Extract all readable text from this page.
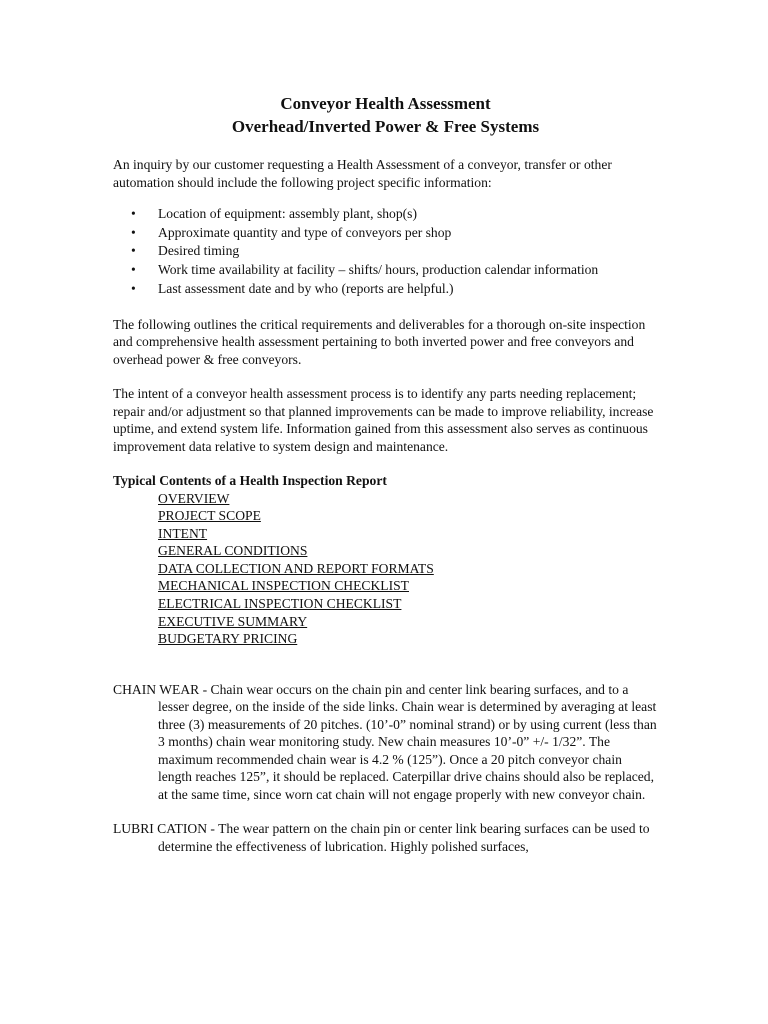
Conveyor Health Assessment
Overhead/Inverted Power & Free Systems

An inquiry by our customer requesting a Health Assessment of a conveyor, transfer or other automation should include the following project specific information:

• Location of equipment: assembly plant, shop(s)
• Approximate quantity and type of conveyors per shop
• Desired timing
• Work time availability at facility – shifts/ hours, production calendar information
• Last assessment date and by who (reports are helpful.)

The following outlines the critical requirements and deliverables for a thorough on-site inspection and comprehensive health assessment pertaining to both inverted power and free conveyors and overhead power & free conveyors.

The intent of a conveyor health assessment process is to identify any parts needing replacement; repair and/or adjustment so that planned improvements can be made to improve reliability, increase uptime, and extend system life. Information gained from this assessment also serves as continuous improvement data relative to system design and maintenance.

Typical Contents of a Health Inspection Report
OVERVIEW
PROJECT SCOPE
INTENT
GENERAL CONDITIONS
DATA COLLECTION AND REPORT FORMATS
MECHANICAL INSPECTION CHECKLIST
ELECTRICAL INSPECTION CHECKLIST
EXECUTIVE SUMMARY
BUDGETARY PRICING

CHAIN WEAR - Chain wear occurs on the chain pin and center link bearing surfaces, and to a lesser degree, on the inside of the side links. Chain wear is determined by averaging at least three (3) measurements of 20 pitches. (10’-0” nominal strand) or by using current (less than 3 months) chain wear monitoring study. New chain measures 10’-0” +/- 1/32”. The maximum recommended chain wear is 4.2 % (125”). Once a 20 pitch conveyor chain length reaches 125”, it should be replaced. Caterpillar drive chains should also be replaced, at the same time, since worn cat chain will not engage properly with new conveyor chain.

LUBRI CATION - The wear pattern on the chain pin or center link bearing surfaces can be used to determine the effectiveness of lubrication. Highly polished surfaces,
